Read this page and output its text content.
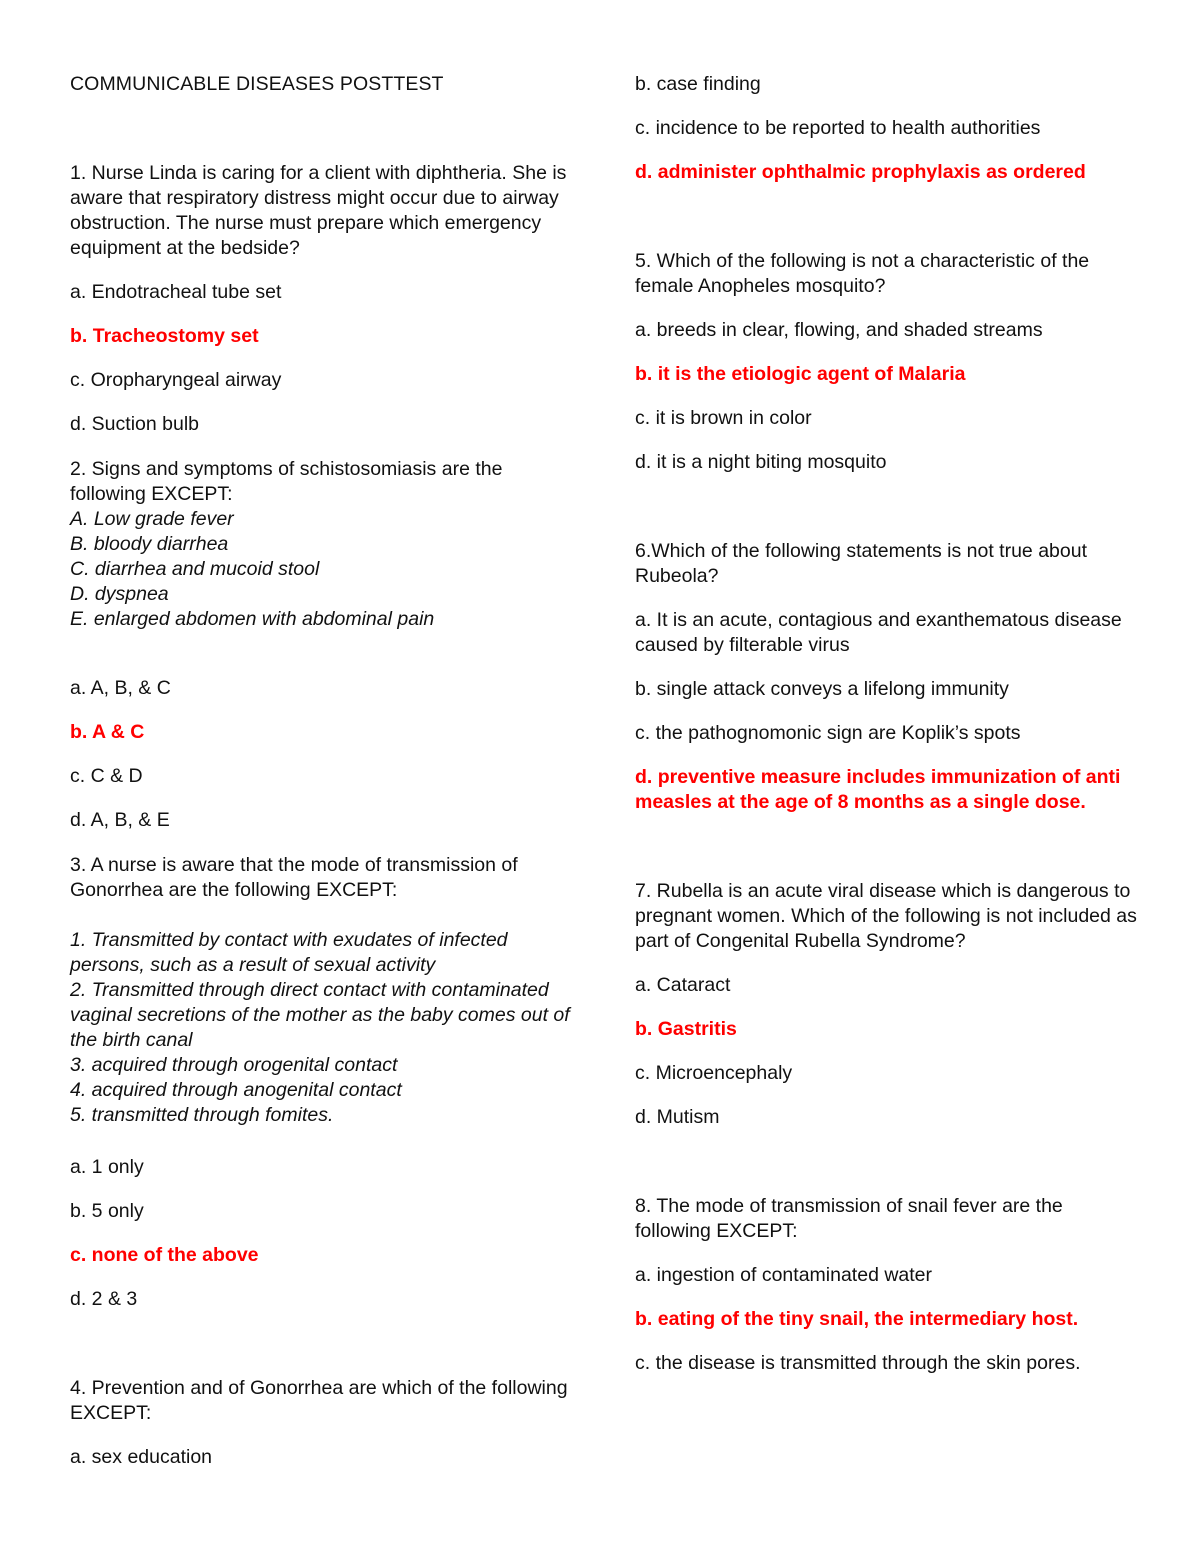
COMMUNICABLE DISEASES POSTTEST

1. Nurse Linda is caring for a client with diphtheria. She is aware that respiratory distress might occur due to airway obstruction. The nurse must prepare which emergency equipment at the bedside?

a. Endotracheal tube set

b. Tracheostomy set

c. Oropharyngeal airway

d. Suction bulb

2. Signs and symptoms of schistosomiasis are the following EXCEPT:

A. Low grade fever
B. bloody diarrhea
C. diarrhea and mucoid stool
D. dyspnea
E. enlarged abdomen with abdominal pain

a. A, B, & C

b. A & C

c. C & D

d. A, B, & E

3. A nurse is aware that the mode of transmission of Gonorrhea are the following EXCEPT:

1. Transmitted by contact with exudates of infected persons, such as a result of sexual activity
2. Transmitted through direct contact with contaminated vaginal secretions of the mother as the baby comes out of the birth canal
3. acquired through orogenital contact
4. acquired through anogenital contact
5. transmitted through fomites.

a. 1 only

b. 5 only

c. none of the above

d. 2 & 3

4. Prevention and of Gonorrhea are which of the following EXCEPT:

a. sex education

b. case finding

c. incidence to be reported to health authorities

d. administer ophthalmic prophylaxis as ordered

5. Which of the following is not a characteristic of the female Anopheles mosquito?

a. breeds in clear, flowing, and shaded streams

b. it is the etiologic agent of Malaria

c. it is brown in color

d. it is a night biting mosquito

6.Which of the following statements is not true about Rubeola?

a. It is an acute, contagious and exanthematous disease caused by filterable virus

b. single attack conveys a lifelong immunity

c. the pathognomonic sign are Koplik’s spots

d. preventive measure includes immunization of anti measles at the age of 8 months as a single dose.

7. Rubella is an acute viral disease which is dangerous to pregnant women. Which of the following is not included as part of Congenital Rubella Syndrome?

a. Cataract

b. Gastritis

c. Microencephaly

d. Mutism

8. The mode of transmission of snail fever are the following EXCEPT:

a. ingestion of contaminated water

b. eating of the tiny snail, the intermediary host.

c. the disease is transmitted through the skin pores.
